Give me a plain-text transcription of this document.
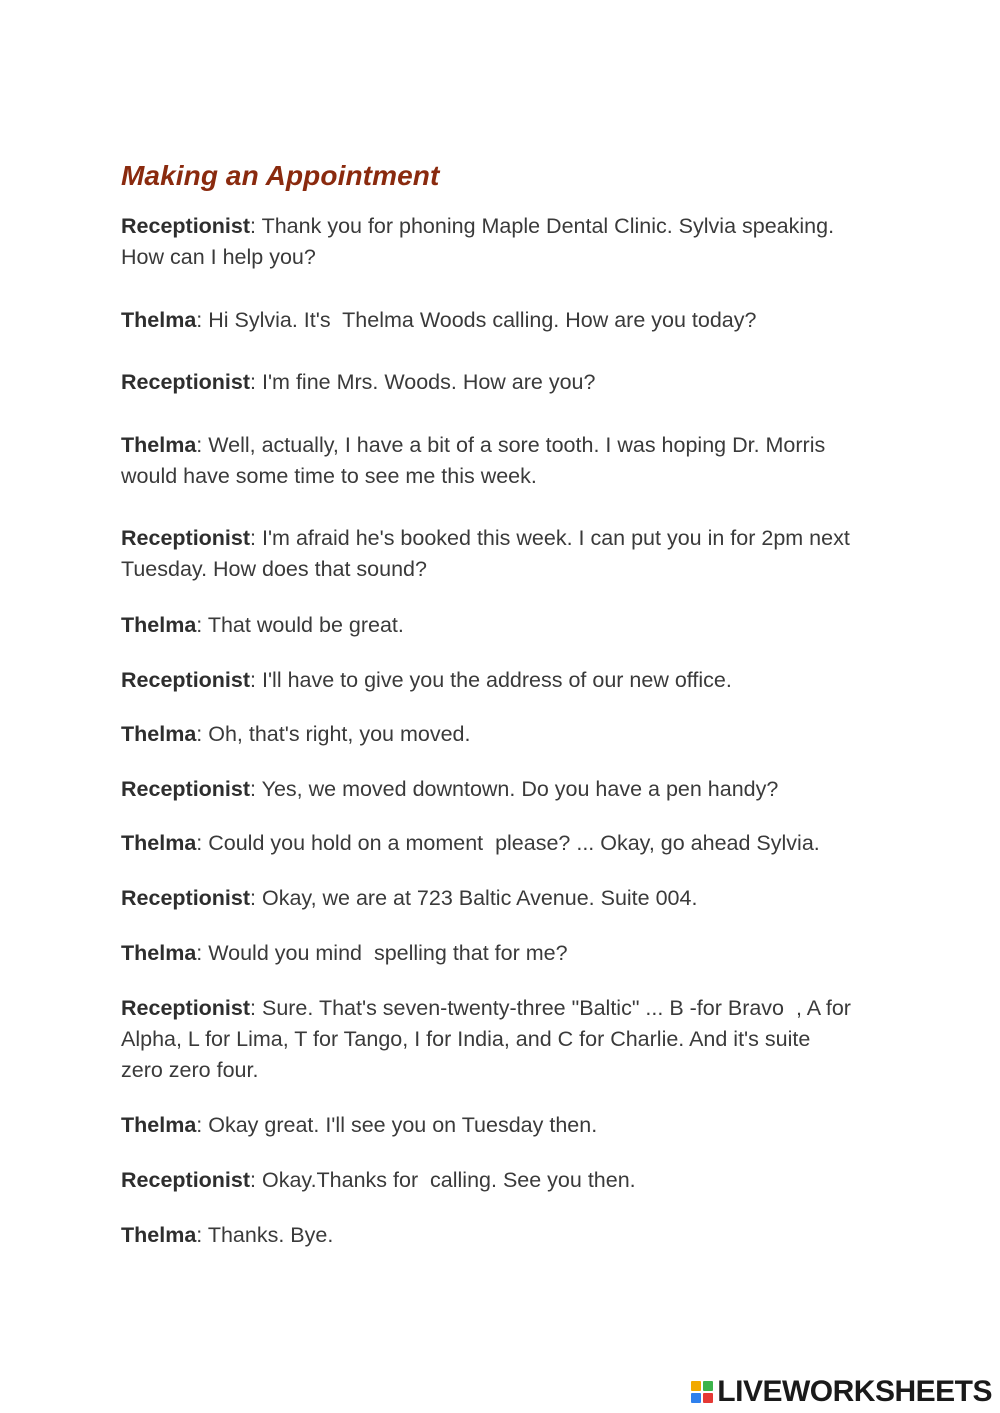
Making an Appointment

Receptionist: Thank you for phoning Maple Dental Clinic. Sylvia speaking.
How can I help you?

Thelma: Hi Sylvia. It's  Thelma Woods calling. How are you today?

Receptionist: I'm fine Mrs. Woods. How are you?

Thelma: Well, actually, I have a bit of a sore tooth. I was hoping Dr. Morris
would have some time to see me this week.

Receptionist: I'm afraid he's booked this week. I can put you in for 2pm next
Tuesday. How does that sound?

Thelma: That would be great.

Receptionist: I'll have to give you the address of our new office.

Thelma: Oh, that's right, you moved.

Receptionist: Yes, we moved downtown. Do you have a pen handy?

Thelma: Could you hold on a moment  please? ... Okay, go ahead Sylvia.

Receptionist: Okay, we are at 723 Baltic Avenue. Suite 004.

Thelma: Would you mind  spelling that for me?

Receptionist: Sure. That's seven-twenty-three "Baltic" ... B -for Bravo  , A for
Alpha, L for Lima, T for Tango, I for India, and C for Charlie. And it's suite
zero zero four.

Thelma: Okay great. I'll see you on Tuesday then.

Receptionist: Okay.Thanks for  calling. See you then.

Thelma: Thanks. Bye.

LIVEWORKSHEETS
